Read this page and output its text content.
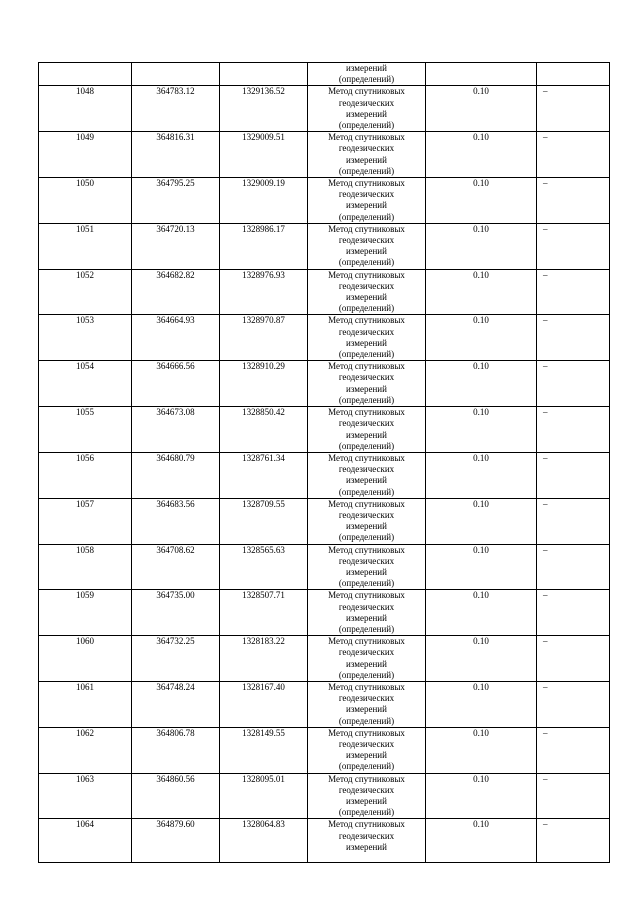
			измерений
(определений)		

1048	364783.12	1329136.52	Метод спутниковых
геодезических
измерений
(определений)	0.10	–
1049	364816.31	1329009.51	Метод спутниковых
геодезических
измерений
(определений)	0.10	–
1050	364795.25	1329009.19	Метод спутниковых
геодезических
измерений
(определений)	0.10	–
1051	364720.13	1328986.17	Метод спутниковых
геодезических
измерений
(определений)	0.10	–
1052	364682.82	1328976.93	Метод спутниковых
геодезических
измерений
(определений)	0.10	–
1053	364664.93	1328970.87	Метод спутниковых
геодезических
измерений
(определений)	0.10	–
1054	364666.56	1328910.29	Метод спутниковых
геодезических
измерений
(определений)	0.10	–
1055	364673.08	1328850.42	Метод спутниковых
геодезических
измерений
(определений)	0.10	–
1056	364680.79	1328761.34	Метод спутниковых
геодезических
измерений
(определений)	0.10	–
1057	364683.56	1328709.55	Метод спутниковых
геодезических
измерений
(определений)	0.10	–
1058	364708.62	1328565.63	Метод спутниковых
геодезических
измерений
(определений)	0.10	–
1059	364735.00	1328507.71	Метод спутниковых
геодезических
измерений
(определений)	0.10	–
1060	364732.25	1328183.22	Метод спутниковых
геодезических
измерений
(определений)	0.10	–
1061	364748.24	1328167.40	Метод спутниковых
геодезических
измерений
(определений)	0.10	–
1062	364806.78	1328149.55	Метод спутниковых
геодезических
измерений
(определений)	0.10	–
1063	364860.56	1328095.01	Метод спутниковых
геодезических
измерений
(определений)	0.10	–
1064	364879.60	1328064.83	Метод спутниковых
геодезических
измерений	0.10	–
